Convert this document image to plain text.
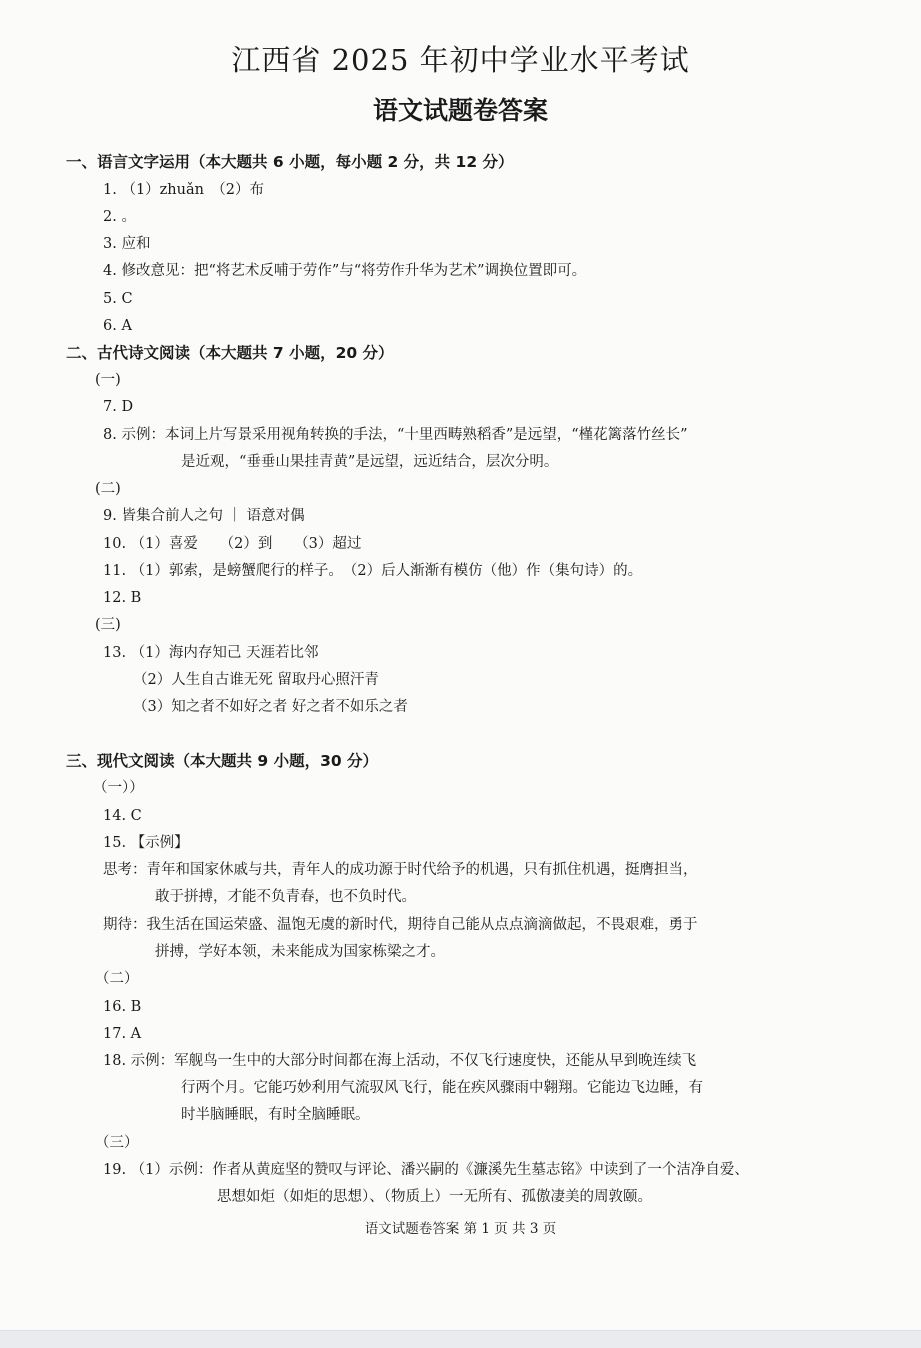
江西省 2025 年初中学业水平考试
语文试题卷答案
一、语言文字运用（本大题共 6 小题，每小题 2 分，共 12 分）
1. （1）zhuǎn　（2）布
2. 。
3. 应和
4. 修改意见：把“将艺术反哺于劳作”与“将劳作升华为艺术”调换位置即可。
5. C
6. A
二、古代诗文阅读（本大题共 7 小题，20 分）
(一)
7. D
8. 示例：本词上片写景采用视角转换的手法，“十里西畴熟稻香”是远望，“槿花篱落竹丝长”
是近观，“垂垂山果挂青黄”是远望，远近结合，层次分明。
(二)
9. 皆集合前人之句 ｜ 语意对偶
10. （1）喜爱　　（2）到　　（3）超过
11. （1）郭索，是螃蟹爬行的样子。　（2）后人渐渐有模仿（他）作（集句诗）的。
12. B
(三)
13. （1）海内存知己 天涯若比邻
（2）人生自古谁无死 留取丹心照汗青
（3）知之者不如好之者 好之者不如乐之者
三、现代文阅读（本大题共 9 小题，30 分）
（一））
14. C
15. 【示例】
思考：青年和国家休戚与共，青年人的成功源于时代给予的机遇，只有抓住机遇，挺膺担当，
敢于拼搏，才能不负青春，也不负时代。
期待：我生活在国运荣盛、温饱无虞的新时代，期待自己能从点点滴滴做起，不畏艰难，勇于
拼搏，学好本领，未来能成为国家栋梁之才。
（二）
16. B
17. A
18. 示例：军舰鸟一生中的大部分时间都在海上活动，不仅飞行速度快，还能从早到晚连续飞
行两个月。它能巧妙利用气流驭风飞行，能在疾风骤雨中翱翔。它能边飞边睡，有
时半脑睡眠，有时全脑睡眠。
（三）
19. （1）示例：作者从黄庭坚的赞叹与评论、潘兴嗣的《濂溪先生墓志铭》中读到了一个洁净自爱、
思想如炬（如炬的思想）、（物质上）一无所有、孤傲凄美的周敦颐。
语文试题卷答案 第 1 页 共 3 页
